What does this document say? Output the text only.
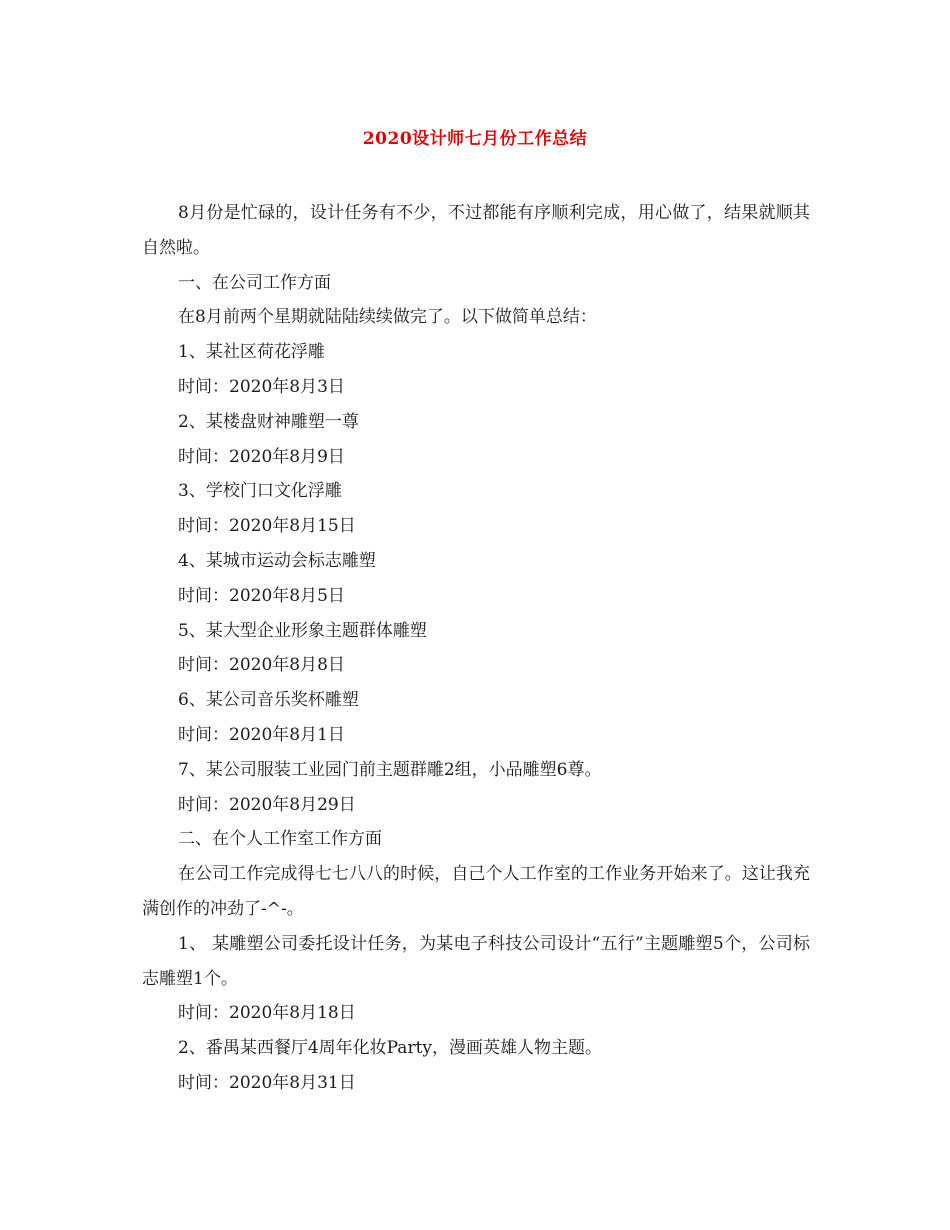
2020设计师七月份工作总结

8月份是忙碌的，设计任务有不少，不过都能有序顺利完成，用心做了，结果就顺其自然啦。

一、在公司工作方面

在8月前两个星期就陆陆续续做完了。以下做简单总结：

1、某社区荷花浮雕

时间：2020年8月3日

2、某楼盘财神雕塑一尊

时间：2020年8月9日

3、学校门口文化浮雕

时间：2020年8月15日

4、某城市运动会标志雕塑

时间：2020年8月5日

5、某大型企业形象主题群体雕塑

时间：2020年8月8日

6、某公司音乐奖杯雕塑

时间：2020年8月1日

7、某公司服装工业园门前主题群雕2组，小品雕塑6尊。

时间：2020年8月29日

二、在个人工作室工作方面

在公司工作完成得七七八八的时候，自己个人工作室的工作业务开始来了。这让我充满创作的冲劲了-^-。

1、 某雕塑公司委托设计任务，为某电子科技公司设计“五行”主题雕塑5个，公司标志雕塑1个。

时间：2020年8月18日

2、番禺某西餐厅4周年化妆Party，漫画英雄人物主题。

时间：2020年8月31日
